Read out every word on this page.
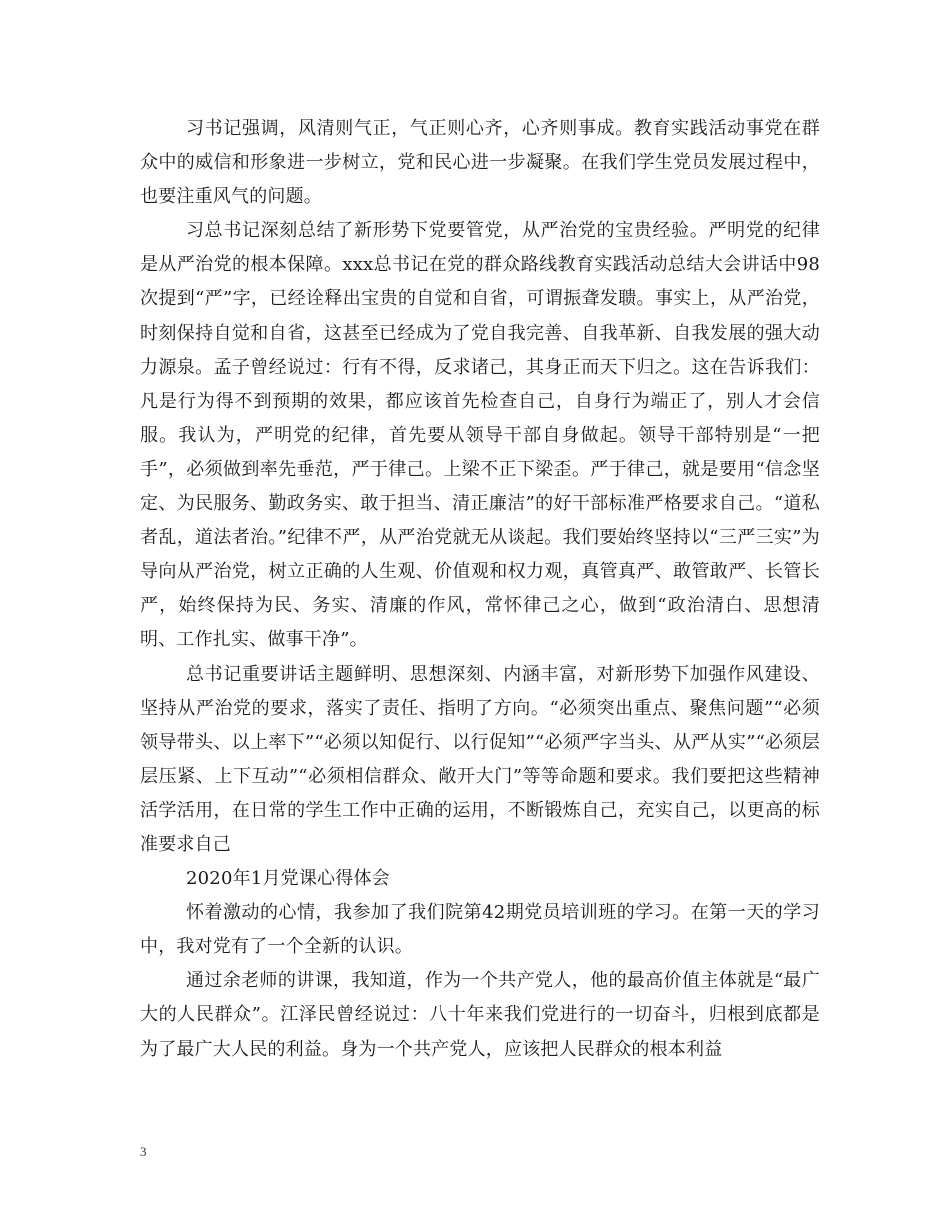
习书记强调，风清则气正，气正则心齐，心齐则事成。教育实践活动事党在群众中的威信和形象进一步树立，党和民心进一步凝聚。在我们学生党员发展过程中，也要注重风气的问题。

习总书记深刻总结了新形势下党要管党，从严治党的宝贵经验。严明党的纪律是从严治党的根本保障。xxx总书记在党的群众路线教育实践活动总结大会讲话中98次提到“严”字，已经诠释出宝贵的自觉和自省，可谓振聋发聩。事实上，从严治党，时刻保持自觉和自省，这甚至已经成为了党自我完善、自我革新、自我发展的强大动力源泉。孟子曾经说过：行有不得，反求诸己，其身正而天下归之。这在告诉我们：凡是行为得不到预期的效果，都应该首先检查自己，自身行为端正了，别人才会信服。我认为，严明党的纪律，首先要从领导干部自身做起。领导干部特别是“一把手”，必须做到率先垂范，严于律己。上梁不正下梁歪。严于律己，就是要用“信念坚定、为民服务、勤政务实、敢于担当、清正廉洁”的好干部标准严格要求自己。“道私者乱，道法者治。”纪律不严，从严治党就无从谈起。我们要始终坚持以“三严三实”为导向从严治党，树立正确的人生观、价值观和权力观，真管真严、敢管敢严、长管长严，始终保持为民、务实、清廉的作风，常怀律己之心，做到“政治清白、思想清明、工作扎实、做事干净”。

总书记重要讲话主题鲜明、思想深刻、内涵丰富，对新形势下加强作风建设、坚持从严治党的要求，落实了责任、指明了方向。“必须突出重点、聚焦问题”“必须领导带头、以上率下”“必须以知促行、以行促知”“必须严字当头、从严从实”“必须层层压紧、上下互动”“必须相信群众、敞开大门”等等命题和要求。我们要把这些精神活学活用，在日常的学生工作中正确的运用，不断锻炼自己，充实自己，以更高的标准要求自己

2020年1月党课心得体会

怀着激动的心情，我参加了我们院第42期党员培训班的学习。在第一天的学习中，我对党有了一个全新的认识。

通过余老师的讲课，我知道，作为一个共产党人，他的最高价值主体就是“最广大的人民群众”。江泽民曾经说过：八十年来我们党进行的一切奋斗，归根到底都是为了最广大人民的利益。身为一个共产党人，应该把人民群众的根本利益

3
